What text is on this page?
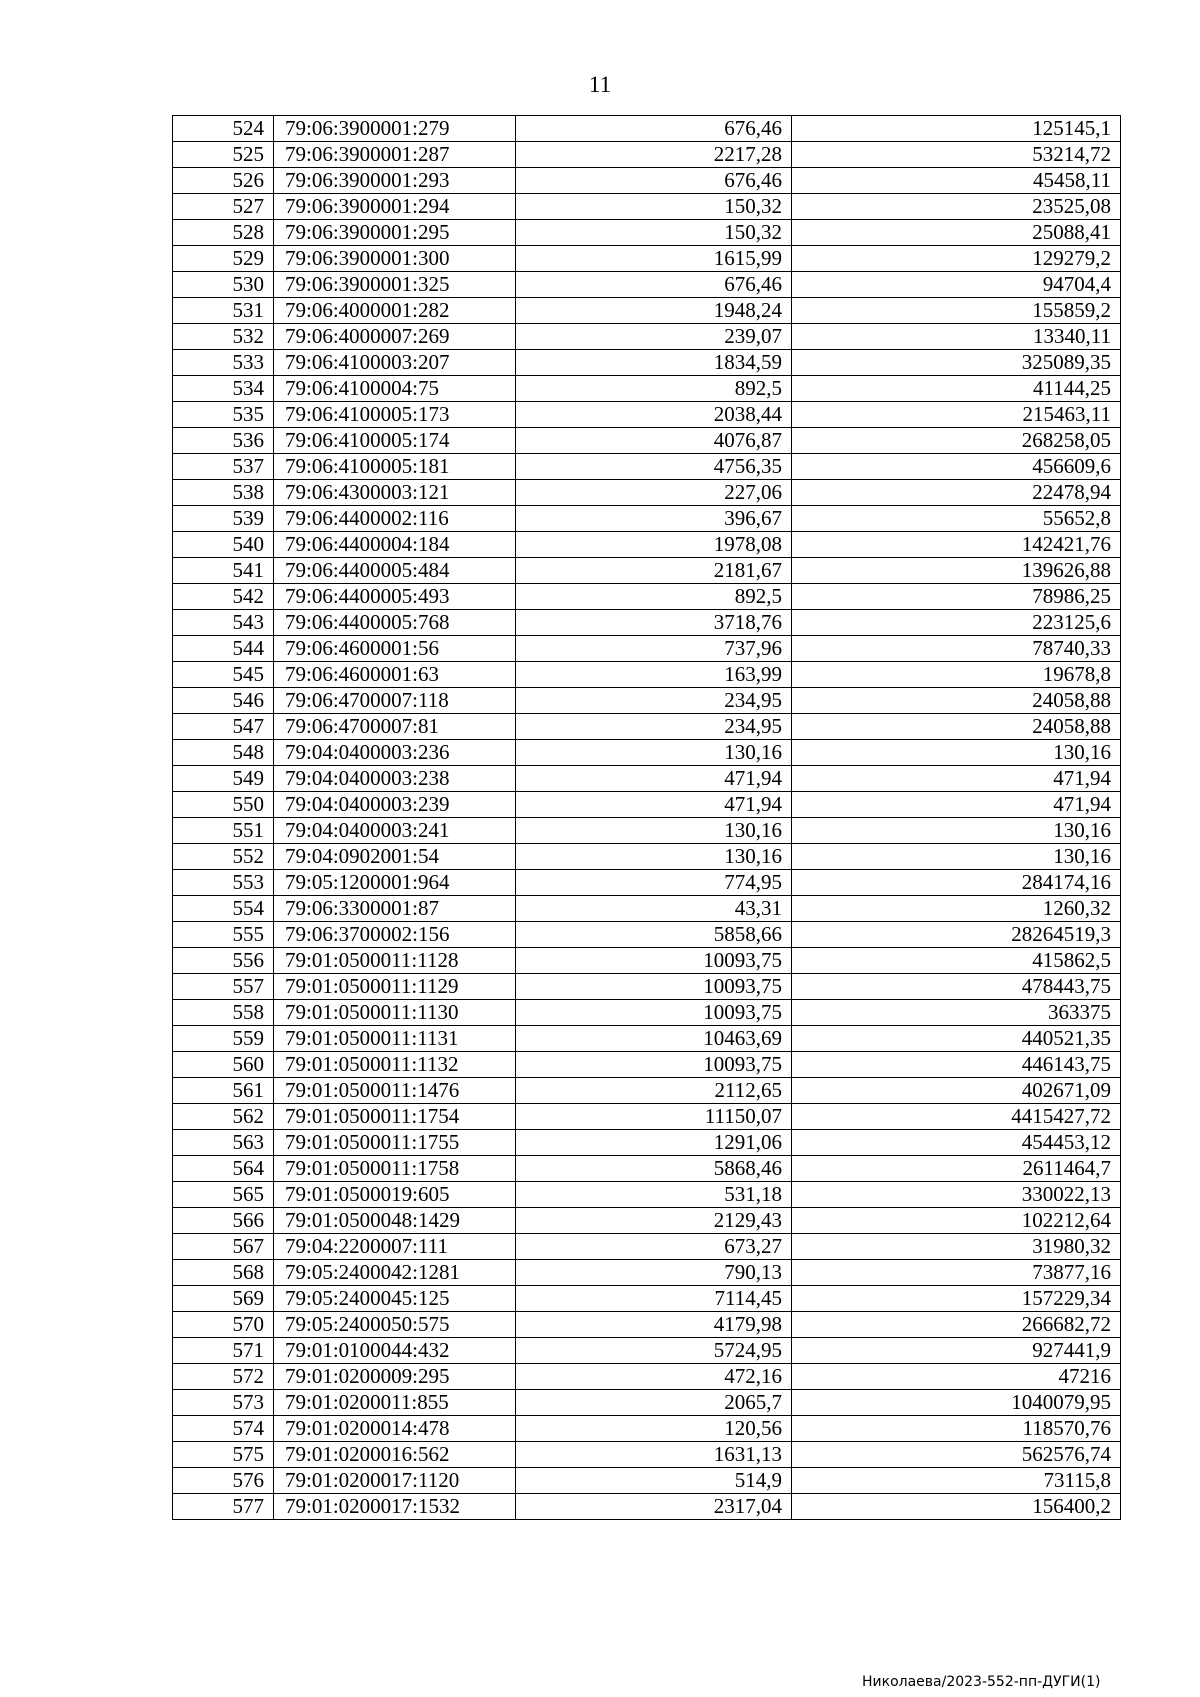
11
524	79:06:3900001:279	676,46	125145,1
525	79:06:3900001:287	2217,28	53214,72
526	79:06:3900001:293	676,46	45458,11
527	79:06:3900001:294	150,32	23525,08
528	79:06:3900001:295	150,32	25088,41
529	79:06:3900001:300	1615,99	129279,2
530	79:06:3900001:325	676,46	94704,4
531	79:06:4000001:282	1948,24	155859,2
532	79:06:4000007:269	239,07	13340,11
533	79:06:4100003:207	1834,59	325089,35
534	79:06:4100004:75	892,5	41144,25
535	79:06:4100005:173	2038,44	215463,11
536	79:06:4100005:174	4076,87	268258,05
537	79:06:4100005:181	4756,35	456609,6
538	79:06:4300003:121	227,06	22478,94
539	79:06:4400002:116	396,67	55652,8
540	79:06:4400004:184	1978,08	142421,76
541	79:06:4400005:484	2181,67	139626,88
542	79:06:4400005:493	892,5	78986,25
543	79:06:4400005:768	3718,76	223125,6
544	79:06:4600001:56	737,96	78740,33
545	79:06:4600001:63	163,99	19678,8
546	79:06:4700007:118	234,95	24058,88
547	79:06:4700007:81	234,95	24058,88
548	79:04:0400003:236	130,16	130,16
549	79:04:0400003:238	471,94	471,94
550	79:04:0400003:239	471,94	471,94
551	79:04:0400003:241	130,16	130,16
552	79:04:0902001:54	130,16	130,16
553	79:05:1200001:964	774,95	284174,16
554	79:06:3300001:87	43,31	1260,32
555	79:06:3700002:156	5858,66	28264519,3
556	79:01:0500011:1128	10093,75	415862,5
557	79:01:0500011:1129	10093,75	478443,75
558	79:01:0500011:1130	10093,75	363375
559	79:01:0500011:1131	10463,69	440521,35
560	79:01:0500011:1132	10093,75	446143,75
561	79:01:0500011:1476	2112,65	402671,09
562	79:01:0500011:1754	11150,07	4415427,72
563	79:01:0500011:1755	1291,06	454453,12
564	79:01:0500011:1758	5868,46	2611464,7
565	79:01:0500019:605	531,18	330022,13
566	79:01:0500048:1429	2129,43	102212,64
567	79:04:2200007:111	673,27	31980,32
568	79:05:2400042:1281	790,13	73877,16
569	79:05:2400045:125	7114,45	157229,34
570	79:05:2400050:575	4179,98	266682,72
571	79:01:0100044:432	5724,95	927441,9
572	79:01:0200009:295	472,16	47216
573	79:01:0200011:855	2065,7	1040079,95
574	79:01:0200014:478	120,56	118570,76
575	79:01:0200016:562	1631,13	562576,74
576	79:01:0200017:1120	514,9	73115,8
577	79:01:0200017:1532	2317,04	156400,2
Николаева/2023-552-пп-ДУГИ(1)
